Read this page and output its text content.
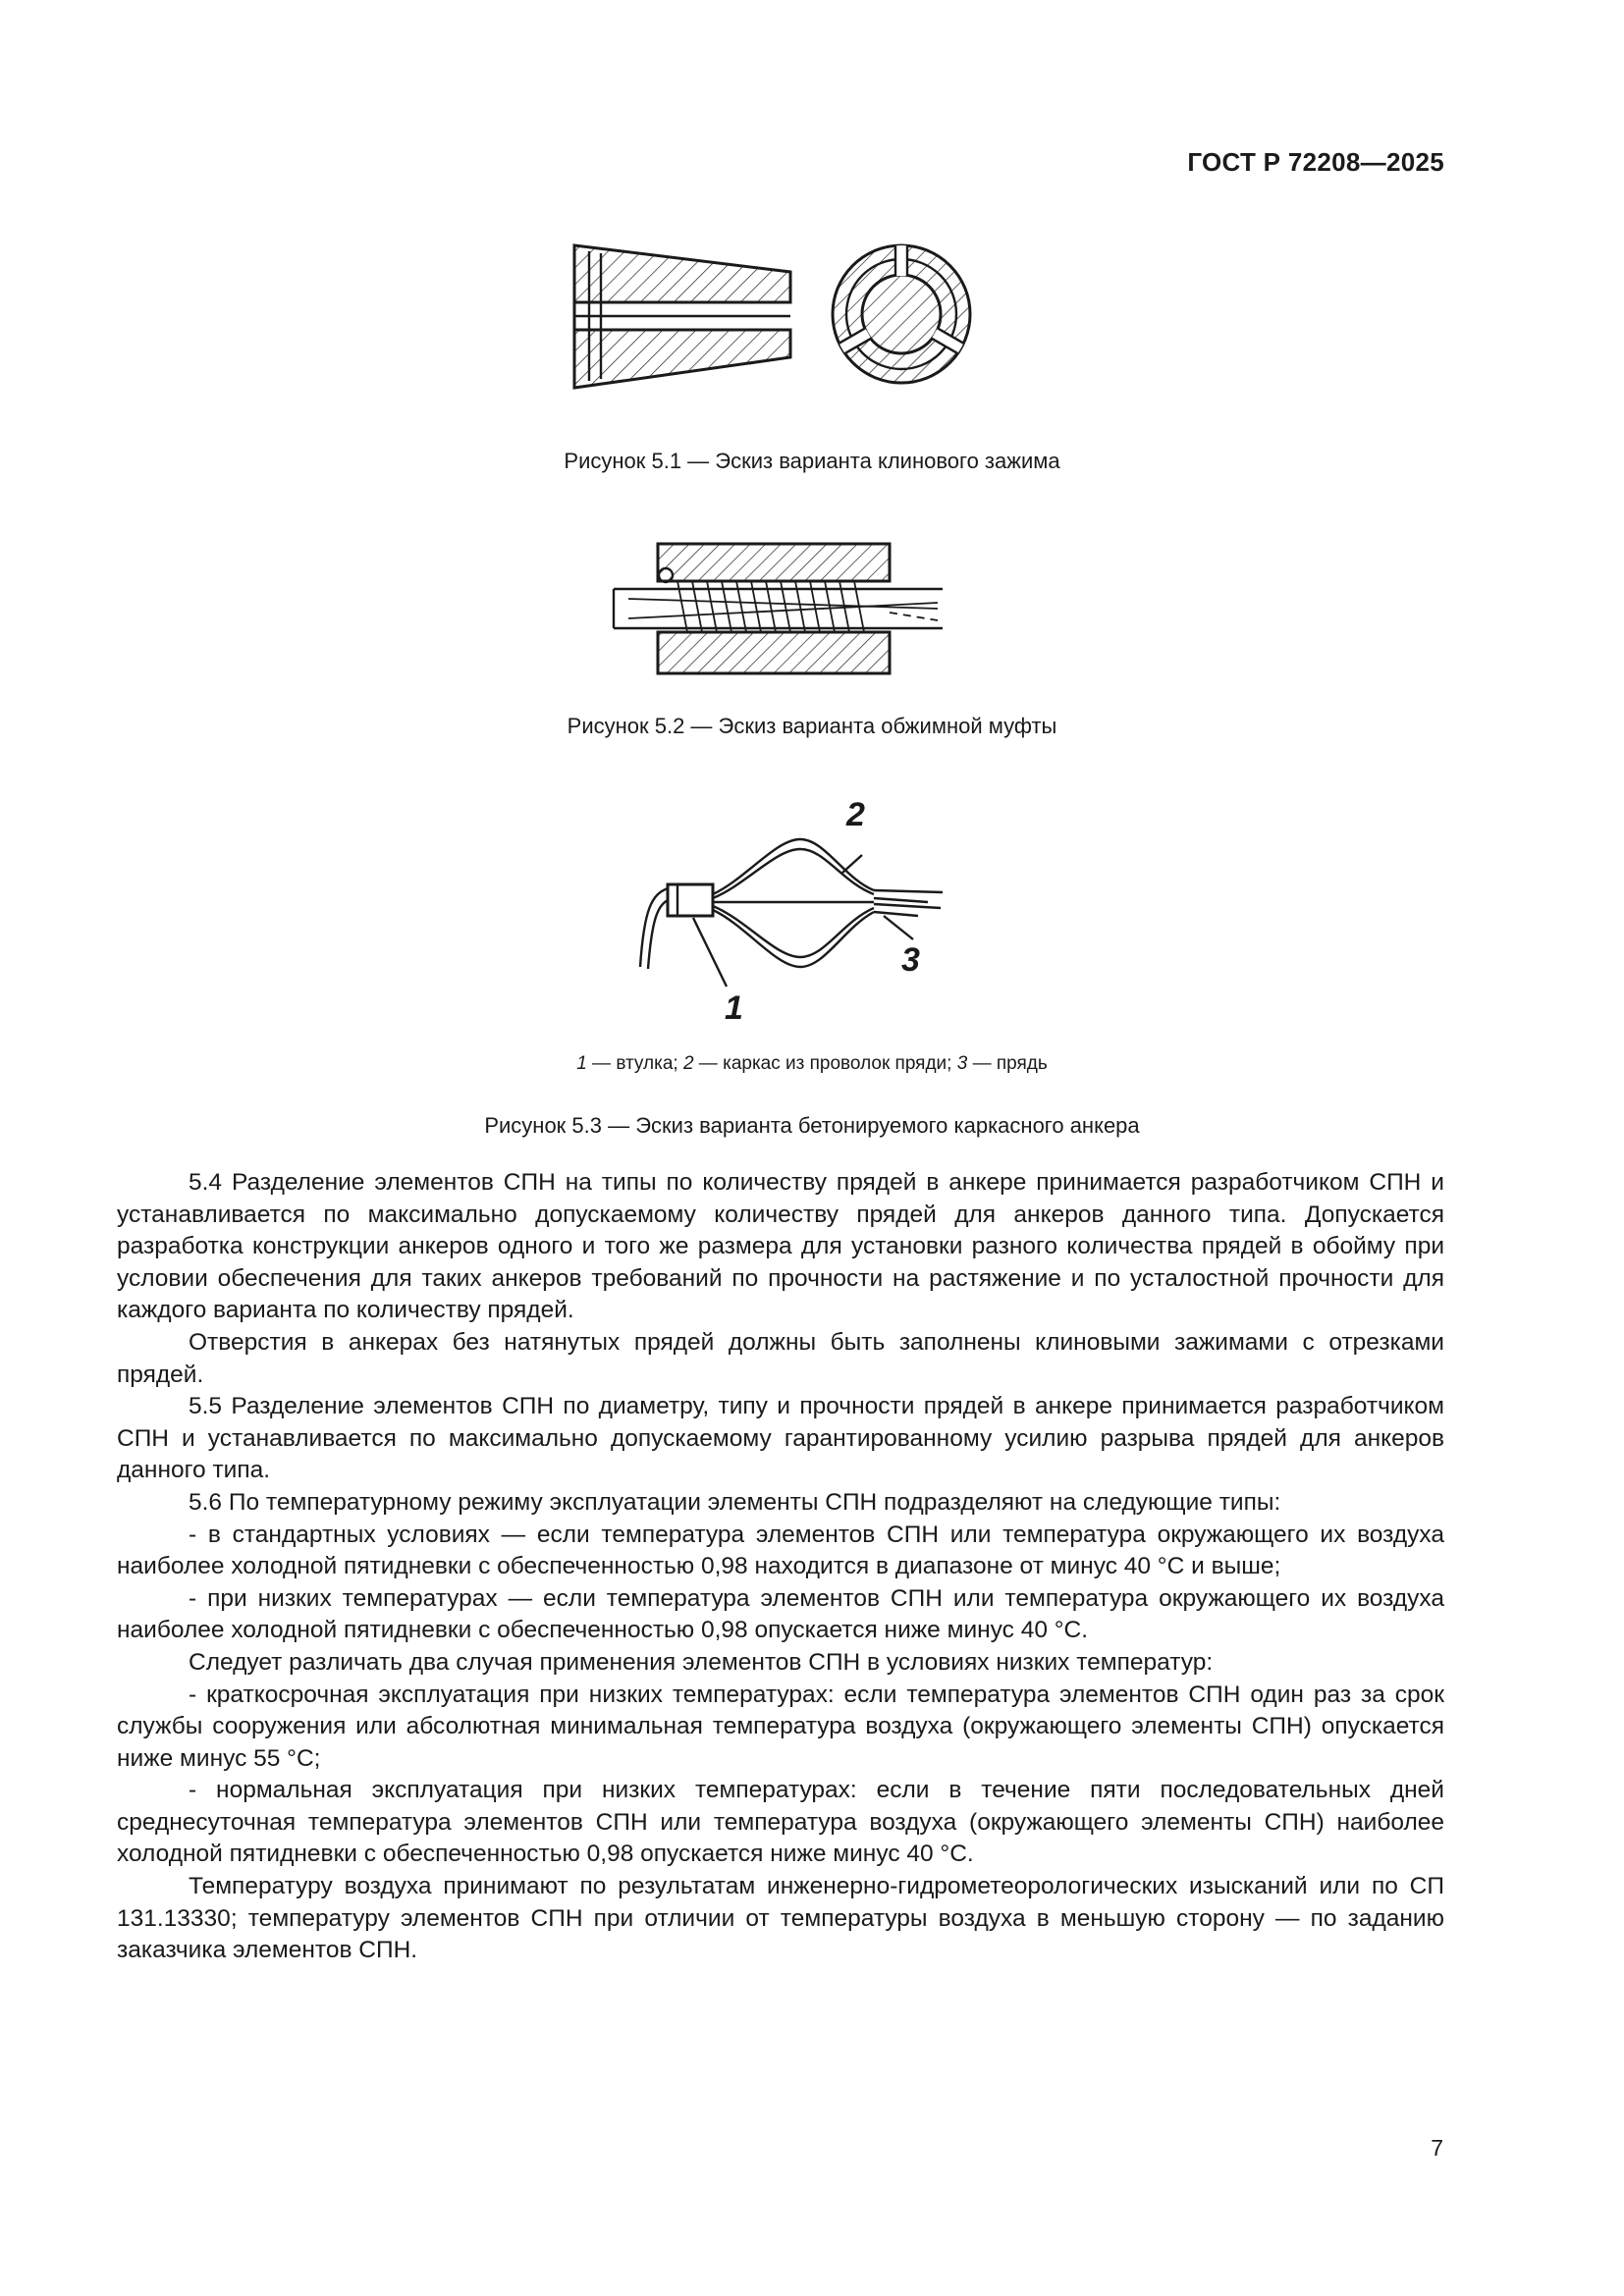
ГОСТ Р 72208—2025
Рисунок 5.1 — Эскиз варианта клинового зажима
Рисунок 5.2 — Эскиз варианта обжимной муфты
2
3
1
1 — втулка; 2 — каркас из проволок пряди; 3 — прядь
Рисунок 5.3 — Эскиз варианта бетонируемого каркасного анкера

5.4 Разделение элементов СПН на типы по количеству прядей в анкере принимается разработчиком СПН и устанавливается по максимально допускаемому количеству прядей для анкеров данного типа. Допускается разработка конструкции анкеров одного и того же размера для установки разного количества прядей в обойму при условии обеспечения для таких анкеров требований по прочности на растяжение и по усталостной прочности для каждого варианта по количеству прядей.

Отверстия в анкерах без натянутых прядей должны быть заполнены клиновыми зажимами с отрезками прядей.

5.5 Разделение элементов СПН по диаметру, типу и прочности прядей в анкере принимается разработчиком СПН и устанавливается по максимально допускаемому гарантированному усилию разрыва прядей для анкеров данного типа.

5.6 По температурному режиму эксплуатации элементы СПН подразделяют на следующие типы:

- в стандартных условиях — если температура элементов СПН или температура окружающего их воздуха наиболее холодной пятидневки с обеспеченностью 0,98 находится в диапазоне от минус 40 °С и выше;

- при низких температурах — если температура элементов СПН или температура окружающего их воздуха наиболее холодной пятидневки с обеспеченностью 0,98 опускается ниже минус 40 °С.

Следует различать два случая применения элементов СПН в условиях низких температур:

- краткосрочная эксплуатация при низких температурах: если температура элементов СПН один раз за срок службы сооружения или абсолютная минимальная температура воздуха (окружающего элементы СПН) опускается ниже минус 55 °С;

- нормальная эксплуатация при низких температурах: если в течение пяти последовательных дней среднесуточная температура элементов СПН или температура воздуха (окружающего элементы СПН) наиболее холодной пятидневки с обеспеченностью 0,98 опускается ниже минус 40 °С.

Температуру воздуха принимают по результатам инженерно-гидрометеорологических изысканий или по СП 131.13330; температуру элементов СПН при отличии от температуры воздуха в меньшую сторону — по заданию заказчика элементов СПН.

7
